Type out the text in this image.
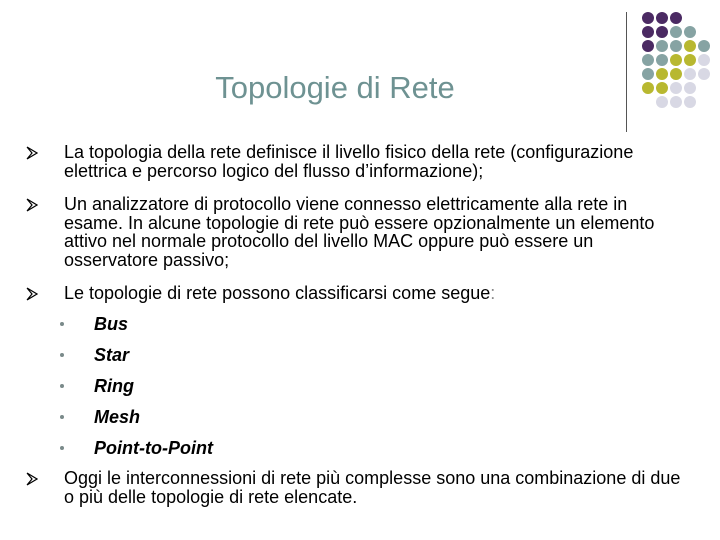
Topologie di Rete
La topologia della rete definisce il livello fisico della rete (configurazione elettrica e percorso logico del flusso d’informazione);
Un analizzatore di protocollo viene connesso elettricamente alla rete in esame. In alcune topologie di rete può essere opzionalmente un elemento attivo nel normale protocollo del livello MAC oppure può essere un osservatore passivo;
Le topologie di rete possono classificarsi come segue:
Bus
Star
Ring
Mesh
Point-to-Point
Oggi le interconnessioni di rete più complesse sono una combinazione di due o più delle topologie di rete elencate.
